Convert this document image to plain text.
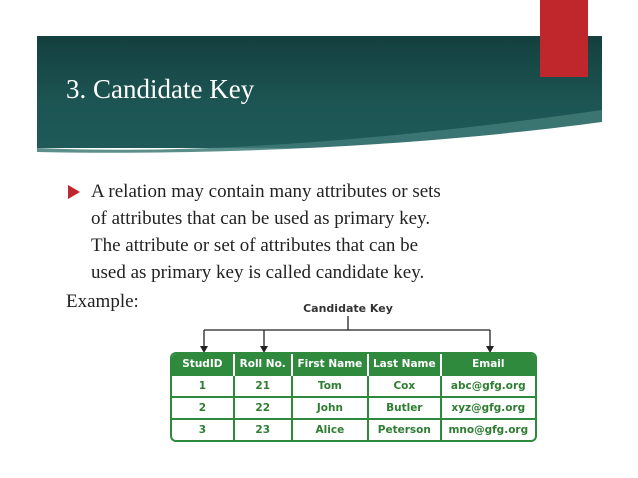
3. Candidate Key
A relation may contain many attributes or sets
of attributes that can be used as primary key.
The attribute or set of attributes that can be
used as primary key is called candidate key.
Example:	Candidate Key
StudID	Roll No.	First Name	Last Name	Email
1	21	Tom	Cox	abc@gfg.org
2	22	John	Butler	xyz@gfg.org
3	23	Alice	Peterson	mno@gfg.org
